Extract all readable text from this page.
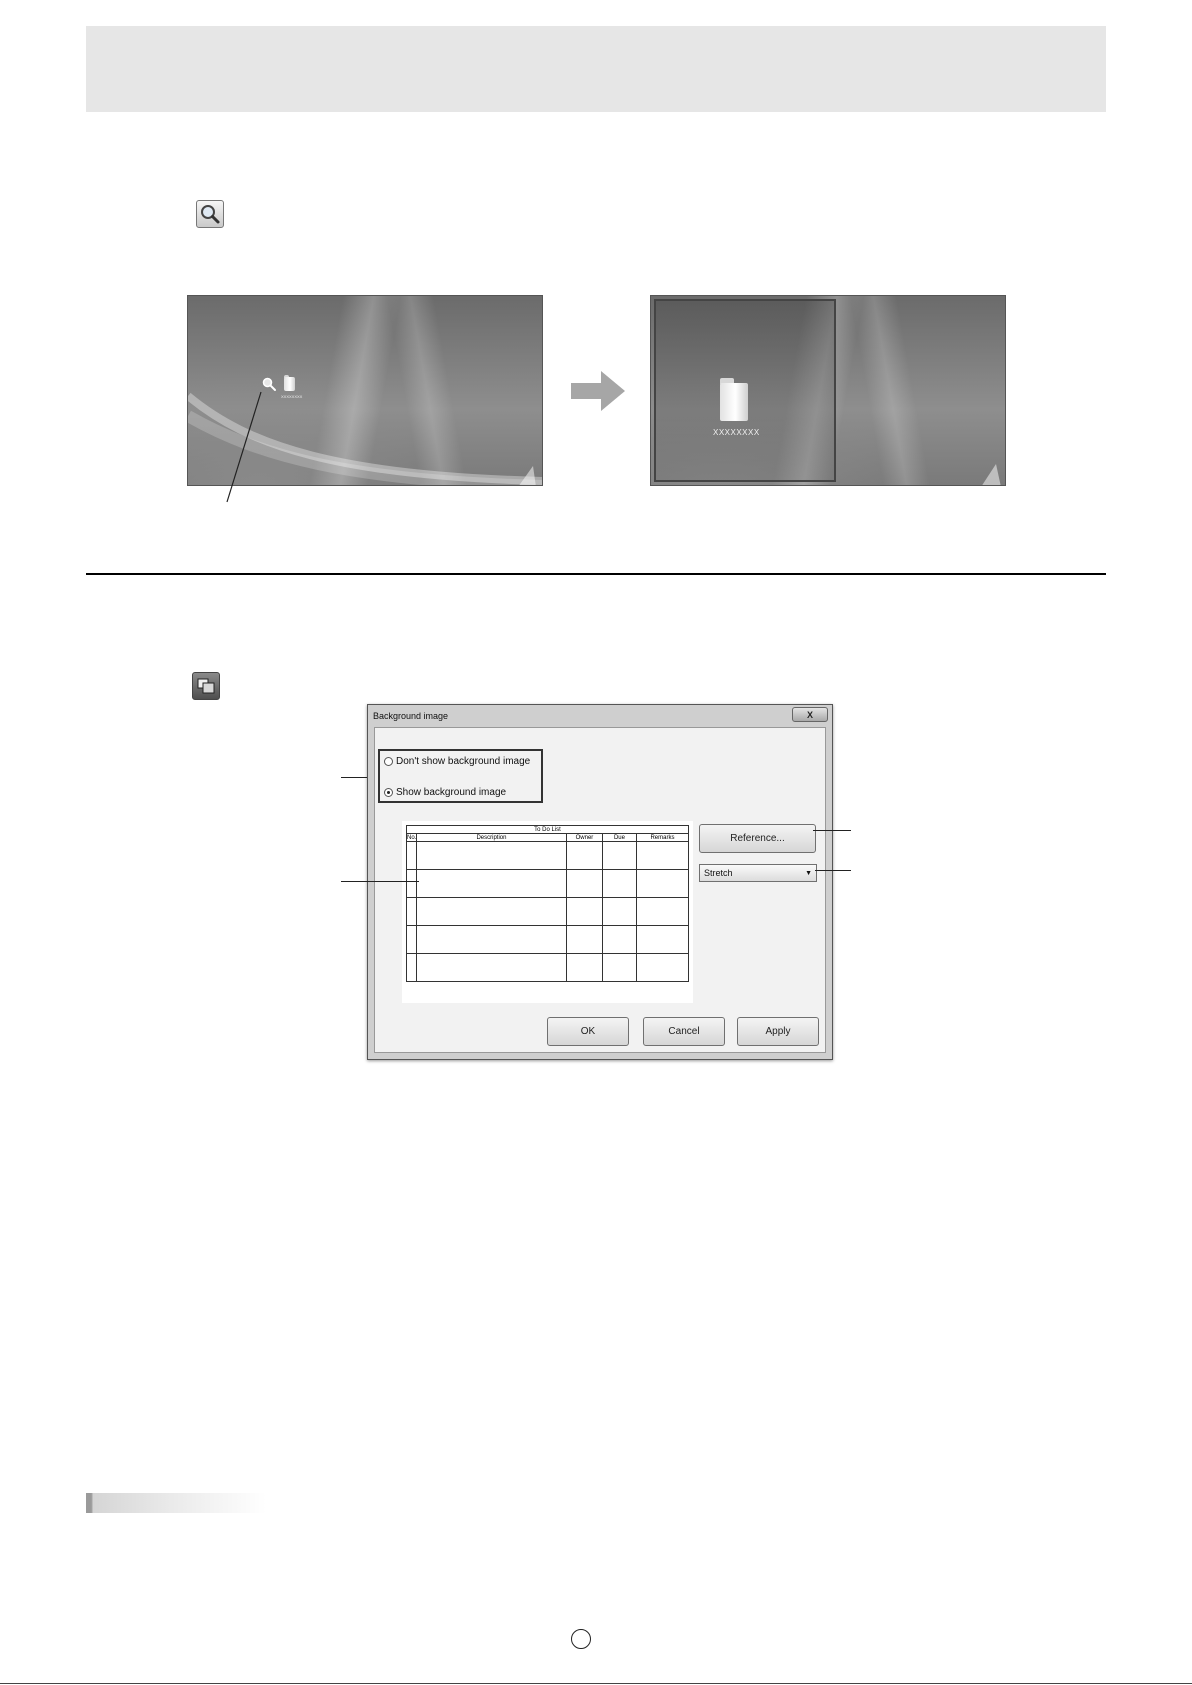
XXXXXXXX
XXXXXXXX
Background image	X
Don't show background image
Show background image
To Do List				
No.	Description	Owner	Due	Remarks

					Reference...
Stretch	▼
OK	Cancel	Apply
